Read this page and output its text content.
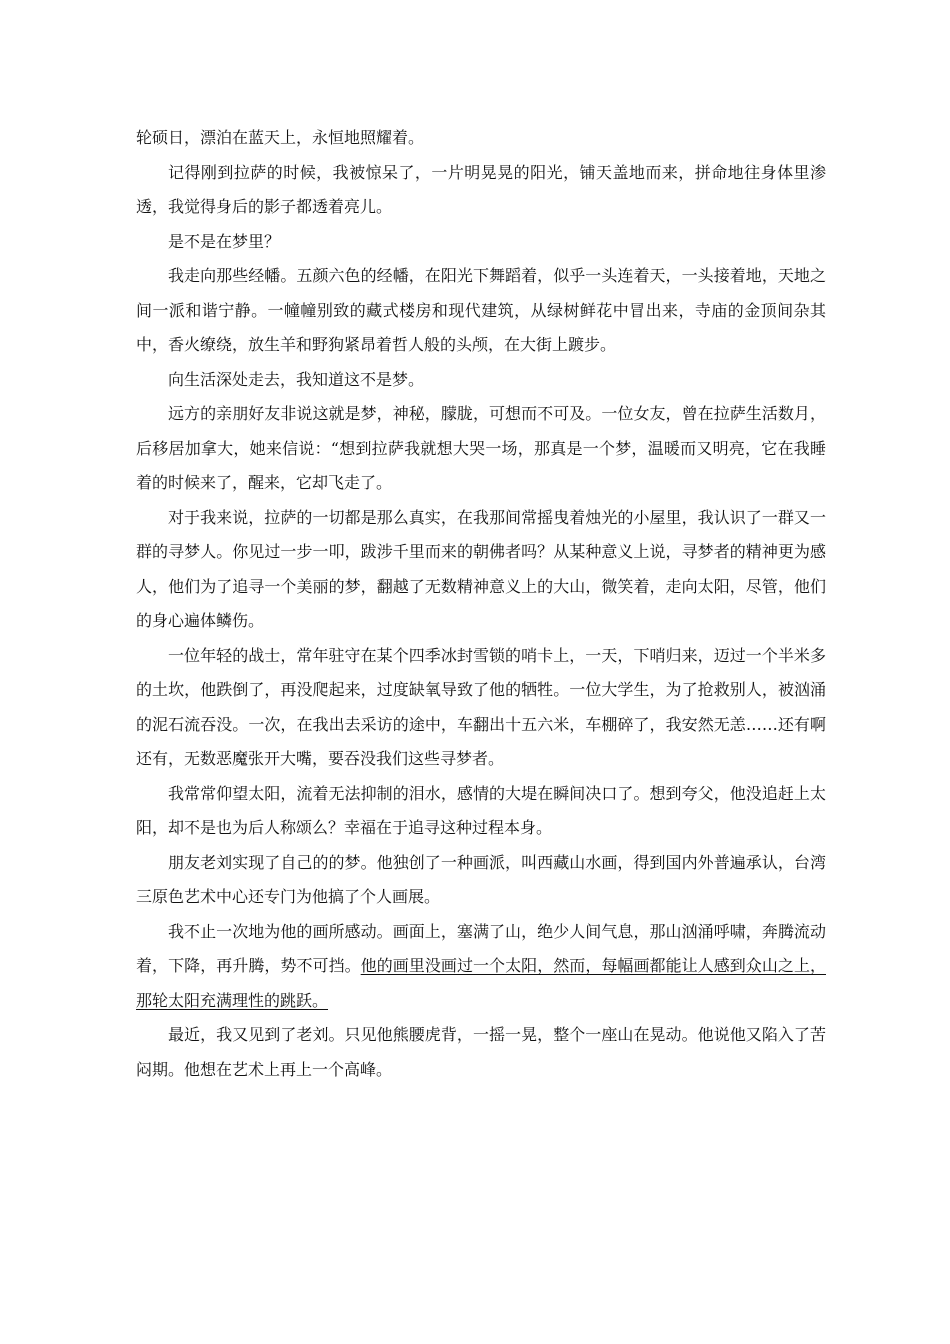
轮硕日，漂泊在蓝天上，永恒地照耀着。

记得刚到拉萨的时候，我被惊呆了，一片明晃晃的阳光，铺天盖地而来，拼命地往身体里渗透，我觉得身后的影子都透着亮儿。

是不是在梦里？

我走向那些经幡。五颜六色的经幡，在阳光下舞蹈着，似乎一头连着天，一头接着地，天地之间一派和谐宁静。一幢幢别致的藏式楼房和现代建筑，从绿树鲜花中冒出来，寺庙的金顶间杂其中，香火缭绕，放生羊和野狗紧昂着哲人般的头颅，在大街上踱步。

向生活深处走去，我知道这不是梦。

远方的亲朋好友非说这就是梦，神秘，朦胧，可想而不可及。一位女友，曾在拉萨生活数月，后移居加拿大，她来信说：“想到拉萨我就想大哭一场，那真是一个梦，温暖而又明亮，它在我睡着的时候来了，醒来，它却飞走了。

对于我来说，拉萨的一切都是那么真实，在我那间常摇曳着烛光的小屋里，我认识了一群又一群的寻梦人。你见过一步一叩，跋涉千里而来的朝佛者吗？从某种意义上说，寻梦者的精神更为感人，他们为了追寻一个美丽的梦，翻越了无数精神意义上的大山，微笑着，走向太阳，尽管，他们的身心遍体鳞伤。

一位年轻的战士，常年驻守在某个四季冰封雪锁的哨卡上，一天，下哨归来，迈过一个半米多的土坎，他跌倒了，再没爬起来，过度缺氧导致了他的牺牲。一位大学生，为了抢救别人，被汹涌的泥石流吞没。一次，在我出去采访的途中，车翻出十五六米，车棚碎了，我安然无恙……还有啊还有，无数恶魔张开大嘴，要吞没我们这些寻梦者。

我常常仰望太阳，流着无法抑制的泪水，感情的大堤在瞬间决口了。想到夸父，他没追赶上太阳，却不是也为后人称颂么？幸福在于追寻这种过程本身。

朋友老刘实现了自己的的梦。他独创了一种画派，叫西藏山水画，得到国内外普遍承认，台湾三原色艺术中心还专门为他搞了个人画展。

我不止一次地为他的画所感动。画面上，塞满了山，绝少人间气息，那山汹涌呼啸，奔腾流动着，下降，再升腾，势不可挡。他的画里没画过一个太阳，然而，每幅画都能让人感到众山之上，那轮太阳充满理性的跳跃。

最近，我又见到了老刘。只见他熊腰虎背，一摇一晃，整个一座山在晃动。他说他又陷入了苦闷期。他想在艺术上再上一个高峰。
